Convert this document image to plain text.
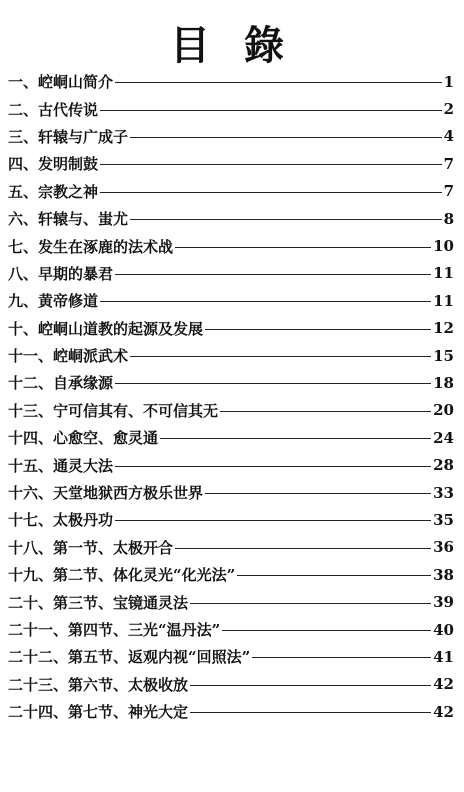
目 錄
一、崆峒山简介	1
二、古代传说	2
三、轩辕与广成子	4
四、发明制鼓	7
五、宗教之神	7
六、轩辕与、蚩尤	8
七、发生在涿鹿的法术战	10
八、早期的暴君	11
九、黄帝修道	11
十、崆峒山道教的起源及发展	12
十一、崆峒派武术	15
十二、自承缘源	18
十三、宁可信其有、不可信其无	20
十四、心愈空、愈灵通	24
十五、通灵大法	28
十六、天堂地狱西方极乐世界	33
十七、太极丹功	35
十八、第一节、太极开合	36
十九、第二节、体化灵光“化光法”	38
二十、第三节、宝镜通灵法	39
二十一、第四节、三光“温丹法”	40
二十二、第五节、返观内视“回照法”	41
二十三、第六节、太极收放	42
二十四、第七节、神光大定	42
